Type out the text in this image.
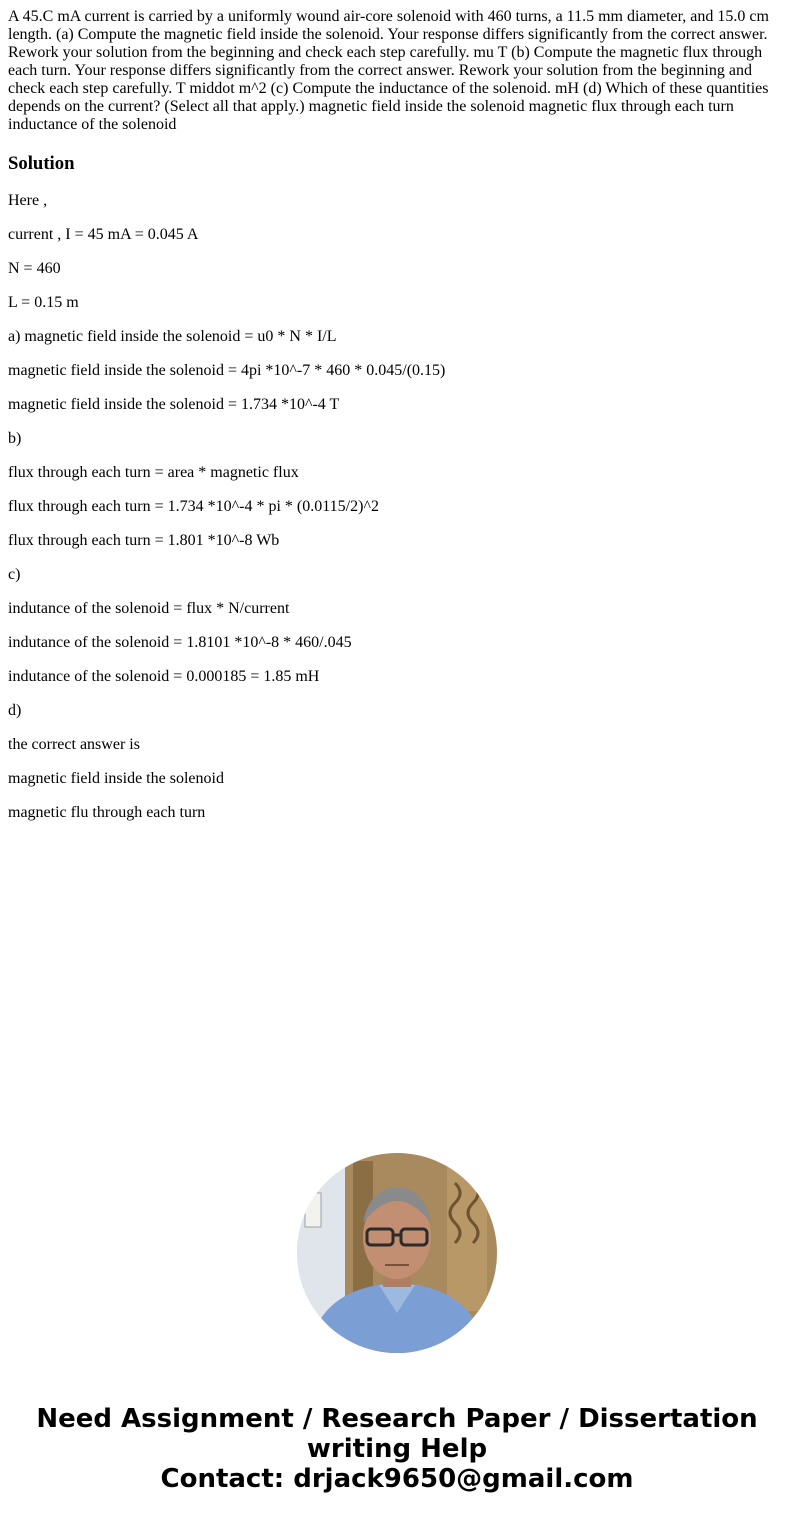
A 45.C mA current is carried by a uniformly wound air-core solenoid with 460 turns, a 11.5 mm diameter, and 15.0 cm length. (a) Compute the magnetic field inside the solenoid. Your response differs significantly from the correct answer. Rework your solution from the beginning and check each step carefully. mu T (b) Compute the magnetic flux through each turn. Your response differs significantly from the correct answer. Rework your solution from the beginning and check each step carefully. T middot m^2 (c) Compute the inductance of the solenoid. mH (d) Which of these quantities depends on the current? (Select all that apply.) magnetic field inside the solenoid magnetic flux through each turn inductance of the solenoid

Solution
Here ,
current , I = 45 mA = 0.045 A
N = 460
L = 0.15 m
a) magnetic field inside the solenoid = u0 * N * I/L
magnetic field inside the solenoid = 4pi *10^-7 * 460 * 0.045/(0.15)
magnetic field inside the solenoid = 1.734 *10^-4 T
b)
flux through each turn = area * magnetic flux
flux through each turn = 1.734 *10^-4 * pi * (0.0115/2)^2
flux through each turn = 1.801 *10^-8 Wb
c)
indutance of the solenoid = flux * N/current
indutance of the solenoid = 1.8101 *10^-8 * 460/.045
indutance of the solenoid = 0.000185 = 1.85 mH
d)
the correct answer is
magnetic field inside the solenoid
magnetic flu through each turn
Need Assignment / Research Paper / Dissertation
writing Help
Contact: drjack9650@gmail.com
